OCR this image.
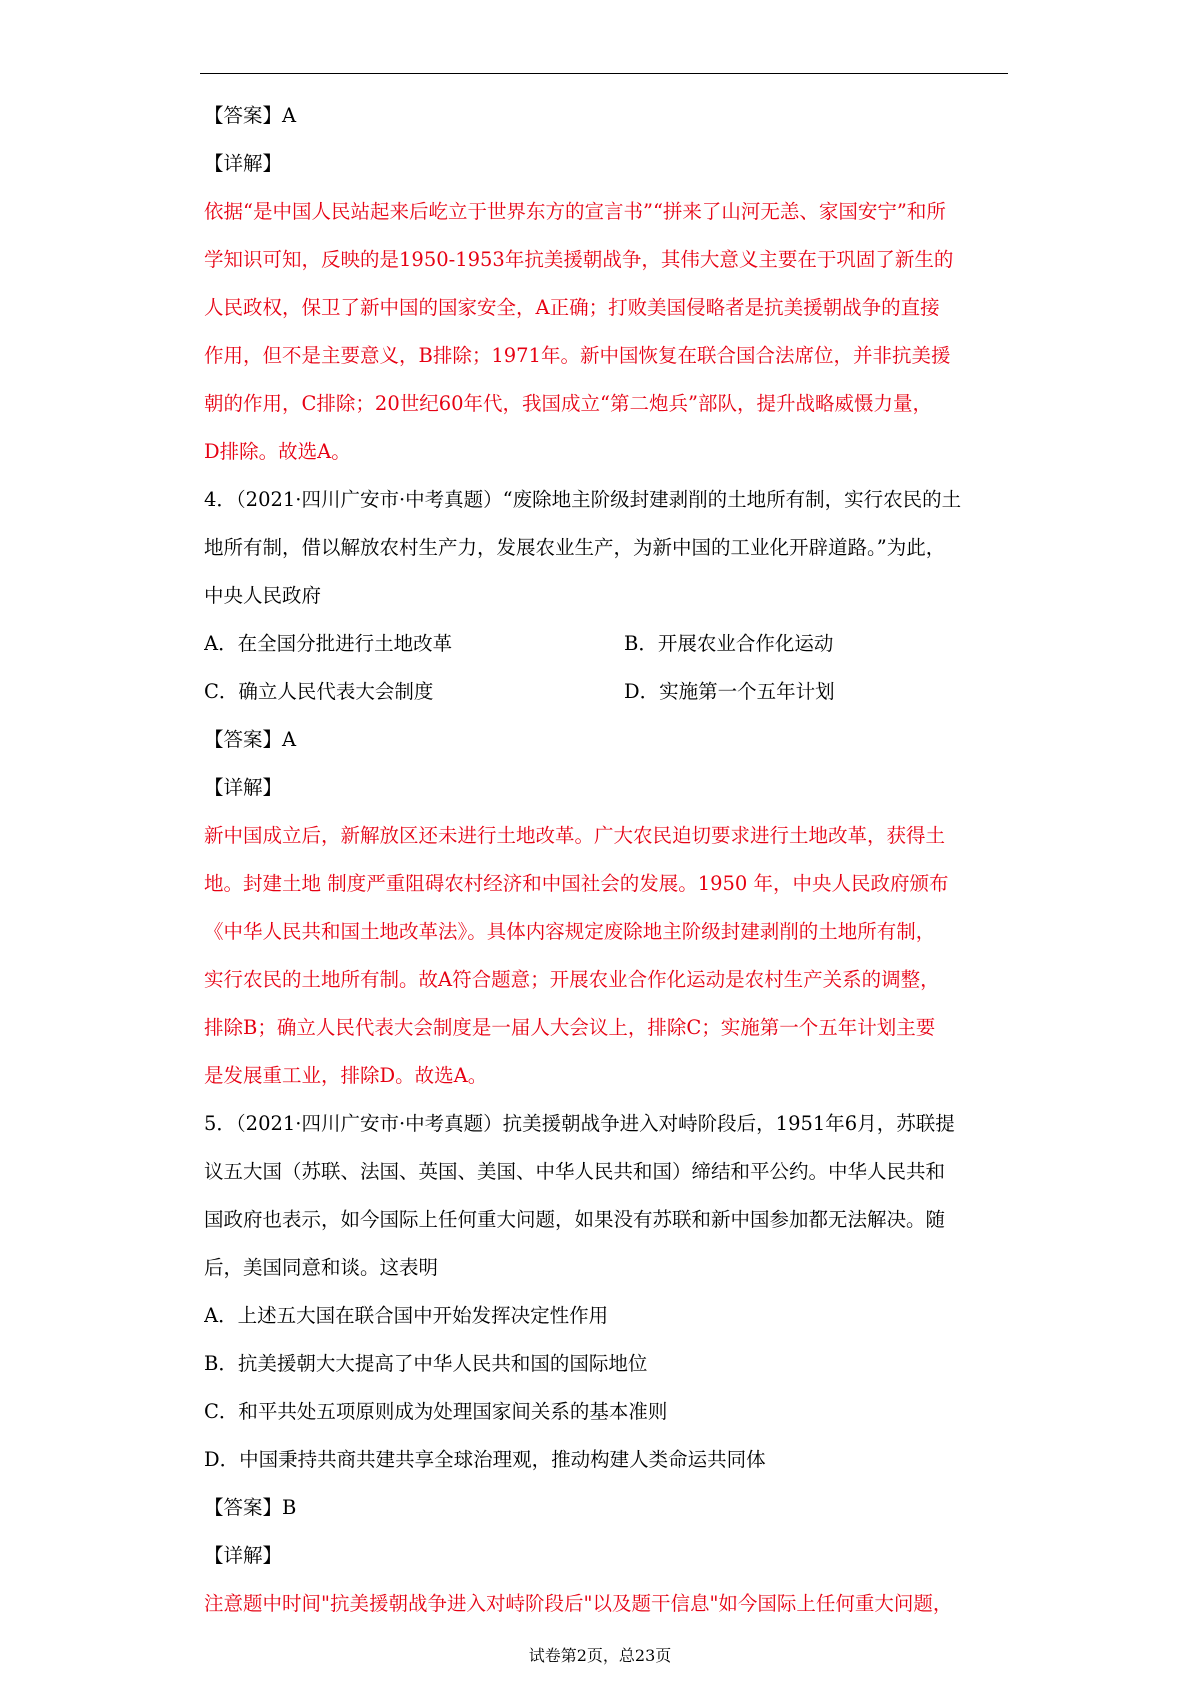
【答案】A
【详解】
依据“是中国人民站起来后屹立于世界东方的宣言书”“拼来了山河无恙、家国安宁”和所
学知识可知，反映的是1950-1953年抗美援朝战争，其伟大意义主要在于巩固了新生的
人民政权，保卫了新中国的国家安全，A正确；打败美国侵略者是抗美援朝战争的直接
作用，但不是主要意义，B排除；1971年。新中国恢复在联合国合法席位，并非抗美援
朝的作用，C排除；20世纪60年代，我国成立“第二炮兵”部队，提升战略威慑力量，
D排除。故选A。
4．（2021·四川广安市·中考真题）“废除地主阶级封建剥削的土地所有制，实行农民的土
地所有制，借以解放农村生产力，发展农业生产，为新中国的工业化开辟道路。”为此，
中央人民政府
A．在全国分批进行土地改革	B．开展农业合作化运动
C．确立人民代表大会制度	D．实施第一个五年计划
【答案】A
【详解】
新中国成立后，新解放区还未进行土地改革。广大农民迫切要求进行土地改革，获得土
地。封建土地 制度严重阻碍农村经济和中国社会的发展。1950 年，中央人民政府颁布
《中华人民共和国土地改革法》。具体内容规定废除地主阶级封建剥削的土地所有制，
实行农民的土地所有制。故A符合题意；开展农业合作化运动是农村生产关系的调整，
排除B；确立人民代表大会制度是一届人大会议上，排除C；实施第一个五年计划主要
是发展重工业，排除D。故选A。
5．（2021·四川广安市·中考真题）抗美援朝战争进入对峙阶段后，1951年6月，苏联提
议五大国（苏联、法国、英国、美国、中华人民共和国）缔结和平公约。中华人民共和
国政府也表示，如今国际上任何重大问题，如果没有苏联和新中国参加都无法解决。随
后，美国同意和谈。这表明
A．上述五大国在联合国中开始发挥决定性作用
B．抗美援朝大大提高了中华人民共和国的国际地位
C．和平共处五项原则成为处理国家间关系的基本准则
D．中国秉持共商共建共享全球治理观，推动构建人类命运共同体
【答案】B
【详解】
注意题中时间"抗美援朝战争进入对峙阶段后"以及题干信息"如今国际上任何重大问题，
试卷第2页，总23页
